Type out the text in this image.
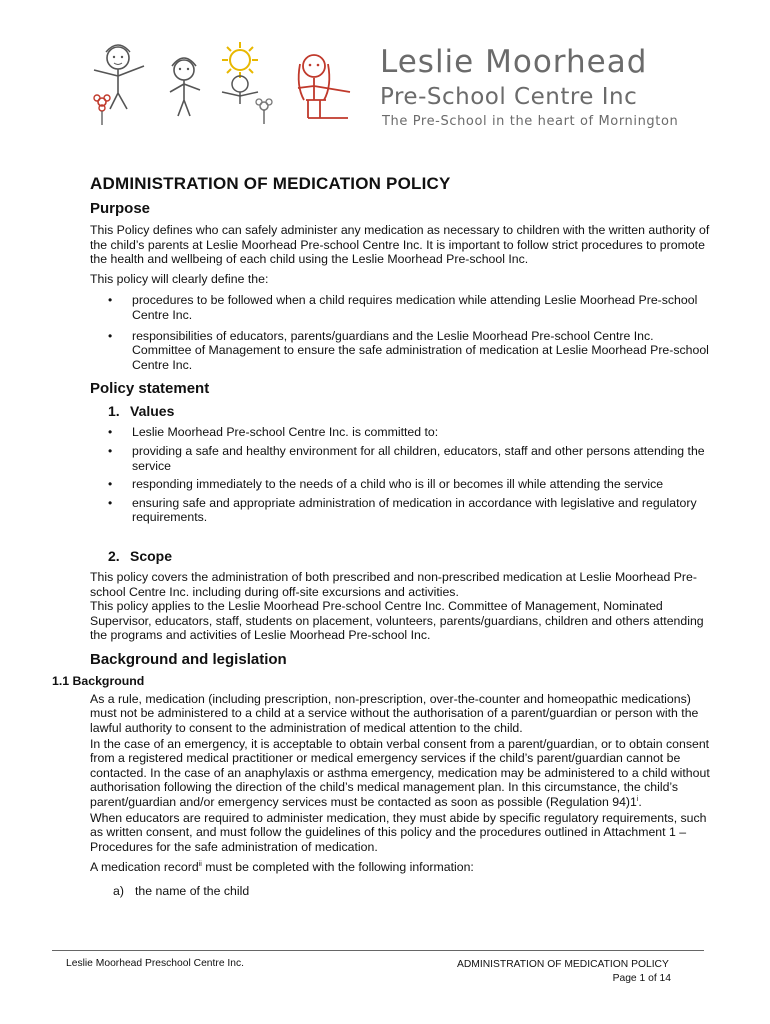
Leslie Moorhead
Pre-School Centre Inc
The Pre-School in the heart of Mornington
ADMINISTRATION OF MEDICATION POLICY
Purpose

This Policy defines who can safely administer any medication as necessary to children with the written authority of the child’s parents at Leslie Moorhead Pre-school Centre Inc. It is important to follow strict procedures to promote the health and wellbeing of each child using the Leslie Moorhead Pre-school Inc.

This policy will clearly define the:

• procedures to be followed when a child requires medication while attending Leslie Moorhead Pre-school Centre Inc.
• responsibilities of educators, parents/guardians and the Leslie Moorhead Pre-school Centre Inc. Committee of Management to ensure the safe administration of medication at Leslie Moorhead Pre-school Centre Inc.
Policy statement
1. Values
• Leslie Moorhead Pre-school Centre Inc. is committed to:
• providing a safe and healthy environment for all children, educators, staff and other persons attending the service
• responding immediately to the needs of a child who is ill or becomes ill while attending the service
• ensuring safe and appropriate administration of medication in accordance with legislative and regulatory requirements.
2. Scope

This policy covers the administration of both prescribed and non-prescribed medication at Leslie Moorhead Pre-school Centre Inc. including during off-site excursions and activities.

This policy applies to the Leslie Moorhead Pre-school Centre Inc. Committee of Management, Nominated Supervisor, educators, staff, students on placement, volunteers, parents/guardians, children and others attending the programs and activities of Leslie Moorhead Pre-school Inc.

Background and legislation
1.1 Background

As a rule, medication (including prescription, non-prescription, over-the-counter and homeopathic medications) must not be administered to a child at a service without the authorisation of a parent/guardian or person with the lawful authority to consent to the administration of medical attention to the child.

In the case of an emergency, it is acceptable to obtain verbal consent from a parent/guardian, or to obtain consent from a registered medical practitioner or medical emergency services if the child’s parent/guardian cannot be contacted. In the case of an anaphylaxis or asthma emergency, medication may be administered to a child without authorisation following the direction of the child’s medical management plan. In this circumstance, the child’s parent/guardian and/or emergency services must be contacted as soon as possible (Regulation 94)1$^i$.

When educators are required to administer medication, they must abide by specific regulatory requirements, such as written consent, and must follow the guidelines of this policy and the procedures outlined in Attachment 1 – Procedures for the safe administration of medication.

A medication record$^{ii}$ must be completed with the following information:

a) the name of the child

Leslie Moorhead Preschool Centre Inc.	ADMINISTRATION OF MEDICATION POLICY
Page 1 of 14
